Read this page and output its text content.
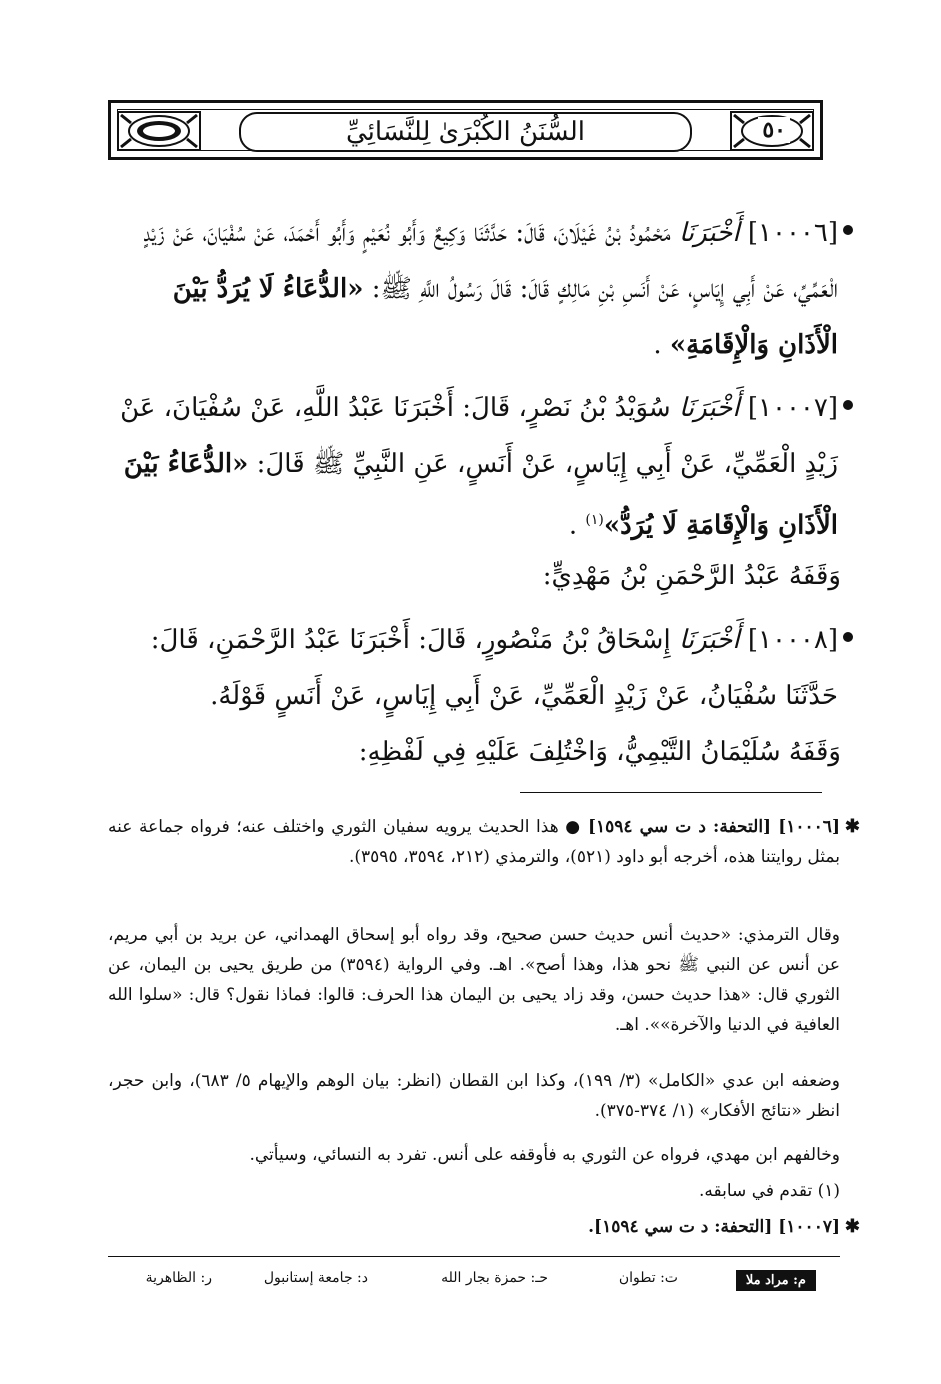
٥٠
السُّنَنُ الكُبْرَىٰ لِلنَّسَائِيِّ
[١٠٠٠٦] أَخْبَرَنَا مَحْمُودُ بْنُ غَيْلَانَ، قَالَ: حَدَّثَنَا وَكِيعٌ وَأَبُو نُعَيْمٍ وَأَبُو أَحْمَدَ، عَنْ سُفْيَانَ، عَنْ زَيْدٍ الْعَمِّيِّ، عَنْ أَبِي إِيَاسٍ، عَنْ أَنَسِ بْنِ مَالِكٍ قَالَ: قَالَ رَسُولُ اللَّهِ ﷺ: «الدُّعَاءُ لَا يُرَدُّ بَيْنَ الْأَذَانِ وَالْإِقَامَةِ» .
[١٠٠٠٧] أَخْبَرَنَا سُوَيْدُ بْنُ نَصْرٍ، قَالَ: أَخْبَرَنَا عَبْدُ اللَّهِ، عَنْ سُفْيَانَ، عَنْ زَيْدٍ الْعَمِّيِّ، عَنْ أَبِي إِيَاسٍ، عَنْ أَنَسٍ، عَنِ النَّبِيِّ ﷺ قَالَ: «الدُّعَاءُ بَيْنَ الْأَذَانِ وَالْإِقَامَةِ لَا يُرَدُّ»$^{(١)}$ .
وَقَفَهُ عَبْدُ الرَّحْمَنِ بْنُ مَهْدِيٍّ:
[١٠٠٠٨] أَخْبَرَنَا إِسْحَاقُ بْنُ مَنْصُورٍ، قَالَ: أَخْبَرَنَا عَبْدُ الرَّحْمَنِ، قَالَ: حَدَّثَنَا سُفْيَانُ، عَنْ زَيْدٍ الْعَمِّيِّ، عَنْ أَبِي إِيَاسٍ، عَنْ أَنَسٍ قَوْلَهُ.
وَقَفَهُ سُلَيْمَانُ التَّيْمِيُّ، وَاخْتُلِفَ عَلَيْهِ فِي لَفْظِهِ:
✱
[١٠٠٠٦] [التحفة: د ت سي ١٥٩٤] ● هذا الحديث يرويه سفيان الثوري واختلف عنه؛ فرواه جماعة عنه بمثل روايتنا هذه، أخرجه أبو داود (٥٢١)، والترمذي (٢١٢، ٣٥٩٤، ٣٥٩٥).
وقال الترمذي: «حديث أنس حديث حسن صحيح، وقد رواه أبو إسحاق الهمداني، عن بريد بن أبي مريم، عن أنس عن النبي ﷺ نحو هذا، وهذا أصح». اهـ. وفي الرواية (٣٥٩٤) من طريق يحيى بن اليمان، عن الثوري قال: «هذا حديث حسن، وقد زاد يحيى بن اليمان هذا الحرف: قالوا: فماذا نقول؟ قال: «سلوا الله العافية في الدنيا والآخرة»». اهـ.
وضعفه ابن عدي «الكامل» (٣/ ١٩٩)، وكذا ابن القطان (انظر: بيان الوهم والإيهام ٥/ ٦٨٣)، وابن حجر، انظر «نتائج الأفكار» (١/ ٣٧٤-٣٧٥).
وخالفهم ابن مهدي، فرواه عن الثوري به فأوقفه على أنس. تفرد به النسائي، وسيأتي.
(١) تقدم في سابقه.
✱
[١٠٠٠٧] [التحفة: د ت سي ١٥٩٤].
م: مراد ملا
ت: تطوان
حـ: حمزة بجار الله
د: جامعة إستانبول
ر: الظاهرية
